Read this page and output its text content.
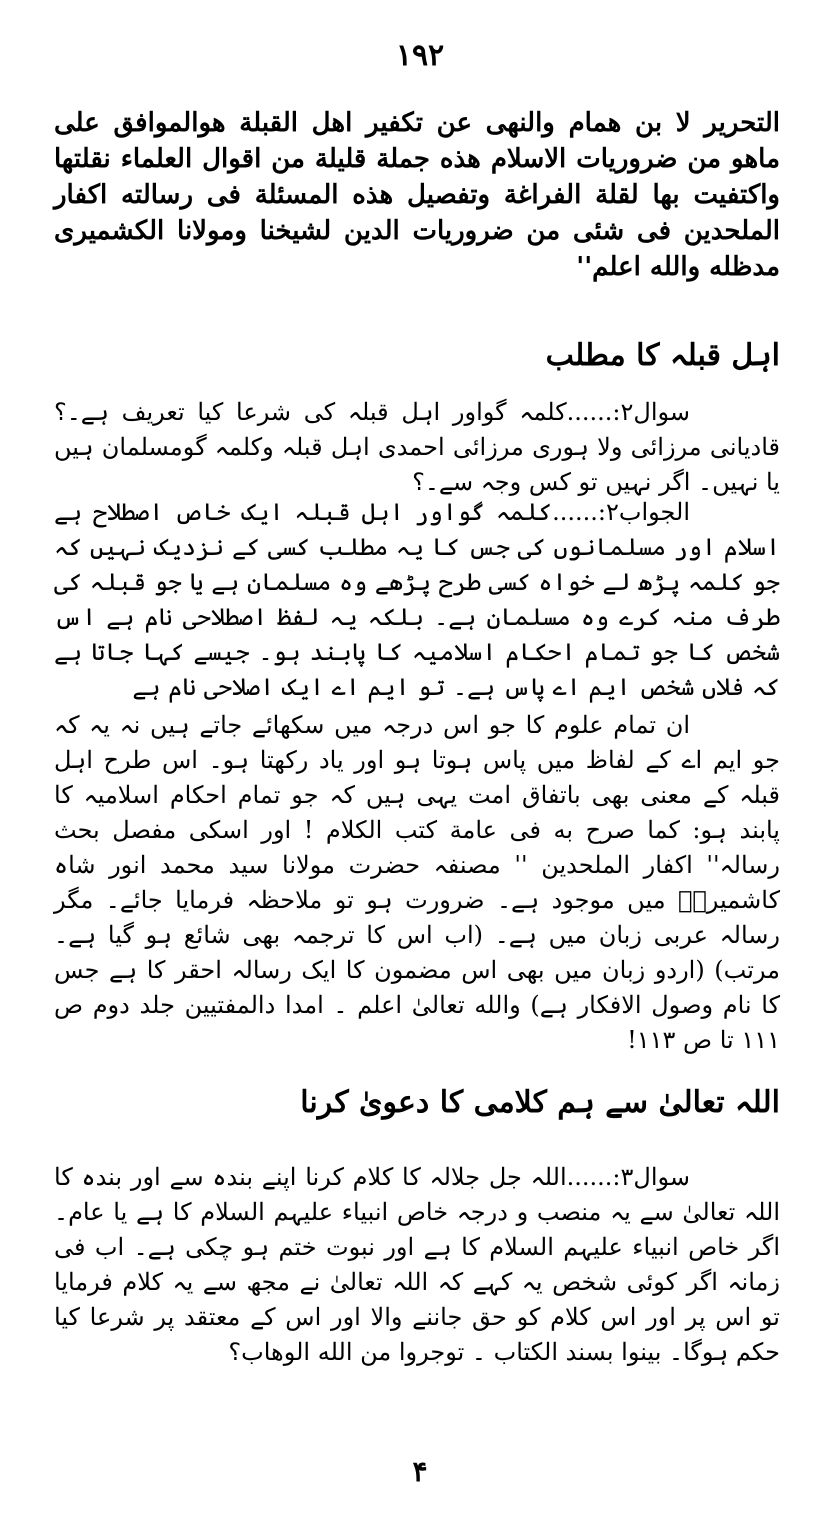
۱۹۲

التحرير لا بن همام والنهى عن تكفير اهل القبلة هوالموافق على ماهو من ضروريات الاسلام هذه جملة قليلة من اقوال العلماء نقلتها واكتفيت بها لقلة الفراغة وتفصيل هذه المسئلة فى رسالته اكفار الملحدين فى شئى من ضروريات الدين لشيخنا ومولانا الكشميرى مدظله والله اعلم''

اہل قبلہ کا مطلب

سوال۲:......کلمہ گواور اہل قبلہ کی شرعا کیا تعریف ہے۔؟ قادیانی مرزائی ولا ہوری مرزائی احمدی اہل قبلہ وکلمہ گومسلمان ہیں یا نہیں۔ اگر نہیں تو کس وجہ سے۔؟

الجواب۲:......کلمہ گواور اہل قبلہ ایک خاص اصطلاح ہے اسلام اور مسلمانوں کی جس کا یہ مطلب کسی کے نزدیک نہیں کہ جو کلمہ پڑھ لے خواہ کسی طرح پڑھے وہ مسلمان ہے یا جو قبلہ کی طرف منہ کرے وہ مسلمان ہے۔ بلکہ یہ لفظ اصطلاحی نام ہے اس شخص کا جو تمام احکام اسلامیہ کا پابند ہو۔ جیسے کہا جاتا ہے کہ فلاں شخص ایم اے پاس ہے۔ تو ایم اے ایک اصلاحی نام ہے

ان تمام علوم کا جو اس درجہ میں سکھائے جاتے ہیں نہ یہ کہ جو ایم اے کے لفاظ میں پاس ہوتا ہو اور یاد رکھتا ہو۔ اس طرح اہل قبلہ کے معنی بھی باتفاق امت یہی ہیں کہ جو تمام احکام اسلامیہ کا پابند ہو: كما صرح به فى عامة كتب الكلام ! اور اسکی مفصل بحث رسالہ'' اكفار الملحدين '' مصنفہ حضرت مولانا سید محمد انور شاہ کاشمیریؒ میں موجود ہے۔ ضرورت ہو تو ملاحظہ فرمایا جائے۔ مگر رسالہ عربی زبان میں ہے۔ (اب اس کا ترجمہ بھی شائع ہو گیا ہے۔ مرتب) (اردو زبان میں بھی اس مضمون کا ایک رسالہ احقر کا ہے جس کا نام وصول الافکار ہے) والله تعالىٰ اعلم ۔ امدا دالمفتيين جلد دوم ص ۱۱۱ تا ص ۱۱۳!

اللہ تعالیٰ سے ہم کلامی کا دعویٰ کرنا

سوال۳:......اللہ جل جلالہ کا کلام کرنا اپنے بندہ سے اور بندہ کا اللہ تعالیٰ سے یہ منصب و درجہ خاص انبیاء علیہم السلام کا ہے یا عام۔ اگر خاص انبیاء علیہم السلام کا ہے اور نبوت ختم ہو چکی ہے۔ اب فی زمانہ اگر کوئی شخص یہ کہے کہ اللہ تعالیٰ نے مجھ سے یہ کلام فرمایا تو اس پر اور اس کلام کو حق جاننے والا اور اس کے معتقد پر شرعا کیا حکم ہوگا۔ بینوا بسند الكتاب ۔ توجروا من الله الوهاب؟

۴
